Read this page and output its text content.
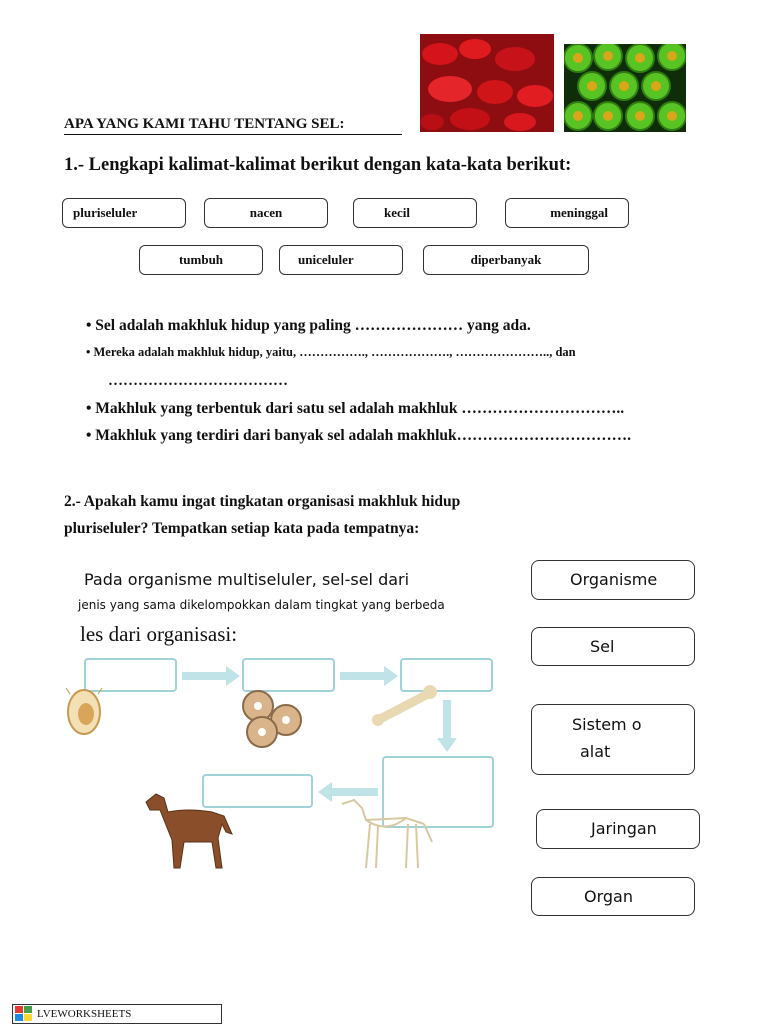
APA YANG KAMI TAHU TENTANG SEL:
1.- Lengkapi kalimat-kalimat berikut dengan kata-kata berikut:
pluriseluler	nacen	kecil	meninggal
tumbuh	uniceluler	diperbanyak
• Sel adalah makhluk hidup yang paling ………………… yang ada.
• Mereka adalah makhluk hidup, yaitu, ……………., ………………., ………………….., dan
………………………………
• Makhluk yang terbentuk dari satu sel adalah makhluk …………………………..
• Makhluk yang terdiri dari banyak sel adalah makhluk…………………………….
2.- Apakah kamu ingat tingkatan organisasi makhluk hidup
pluriseluler? Tempatkan setiap kata pada tempatnya:
Pada organisme multiseluler, sel-sel dari
jenis yang sama dikelompokkan dalam tingkat yang berbeda
les dari organisasi:
Organisme
Sel
Sistem o
alat
Jaringan
Organ
LVEWORKSHEETS
